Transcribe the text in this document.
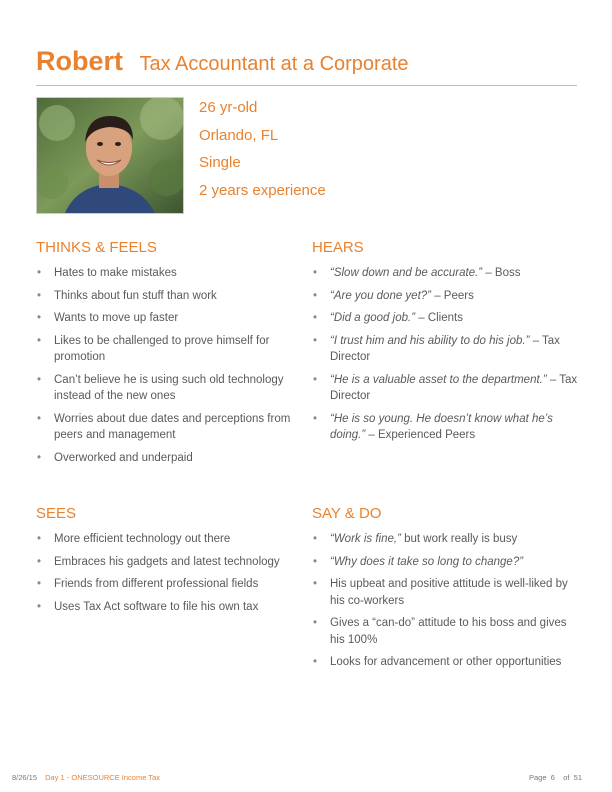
Robert Tax Accountant at a Corporate
26 yr-old
Orlando, FL
Single
2 years experience
THINKS & FEELS
• Hates to make mistakes
• Thinks about fun stuff than work
• Wants to move up faster
• Likes to be challenged to prove himself for promotion
• Can’t believe he is using such old technology instead of the new ones
• Worries about due dates and perceptions from peers and management
• Overworked and underpaid
HEARS
• “Slow down and be accurate.” – Boss
• “Are you done yet?” – Peers
• “Did a good job.” – Clients
• “I trust him and his ability to do his job.” – Tax Director
• “He is a valuable asset to the department.” – Tax Director
• “He is so young. He doesn’t know what he’s doing.” – Experienced Peers
SEES
• More efficient technology out there
• Embraces his gadgets and latest technology
• Friends from different professional fields
• Uses Tax Act software to file his own tax
SAY & DO
• “Work is fine,” but work really is busy
• “Why does it take so long to change?”
• His upbeat and positive attitude is well-liked by his co-workers
• Gives a “can-do” attitude to his boss and gives his 100%
• Looks for advancement or other opportunities
8/26/15 Day 1 - ONESOURCE Income Tax	Page 6 of 51
